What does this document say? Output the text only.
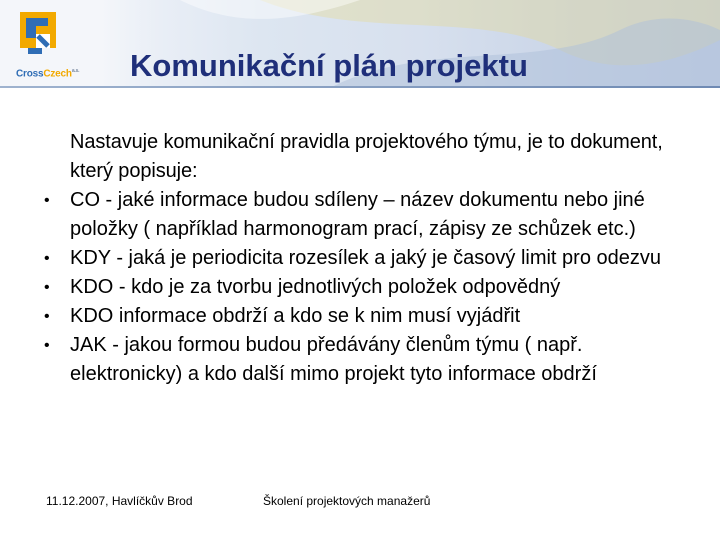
CrossCzech$^{a.s.}$ Komunikační plán projektu

Nastavuje komunikační pravidla projektového týmu, je to dokument, který popisuje:

•	CO - jaké informace budou sdíleny – název dokumentu nebo jiné položky ( například harmonogram prací, zápisy ze schůzek etc.)
•	KDY - jaká je periodicita rozesílek a jaký je časový limit pro odezvu
•	KDO - kdo je za tvorbu jednotlivých položek odpovědný
•	KDO informace obdrží a kdo se k nim musí vyjádřit
•	JAK - jakou formou budou předávány členům týmu ( např. elektronicky) a kdo další mimo projekt tyto informace obdrží
11.12.2007, Havlíčkův Brod	Školení projektových manažerů
